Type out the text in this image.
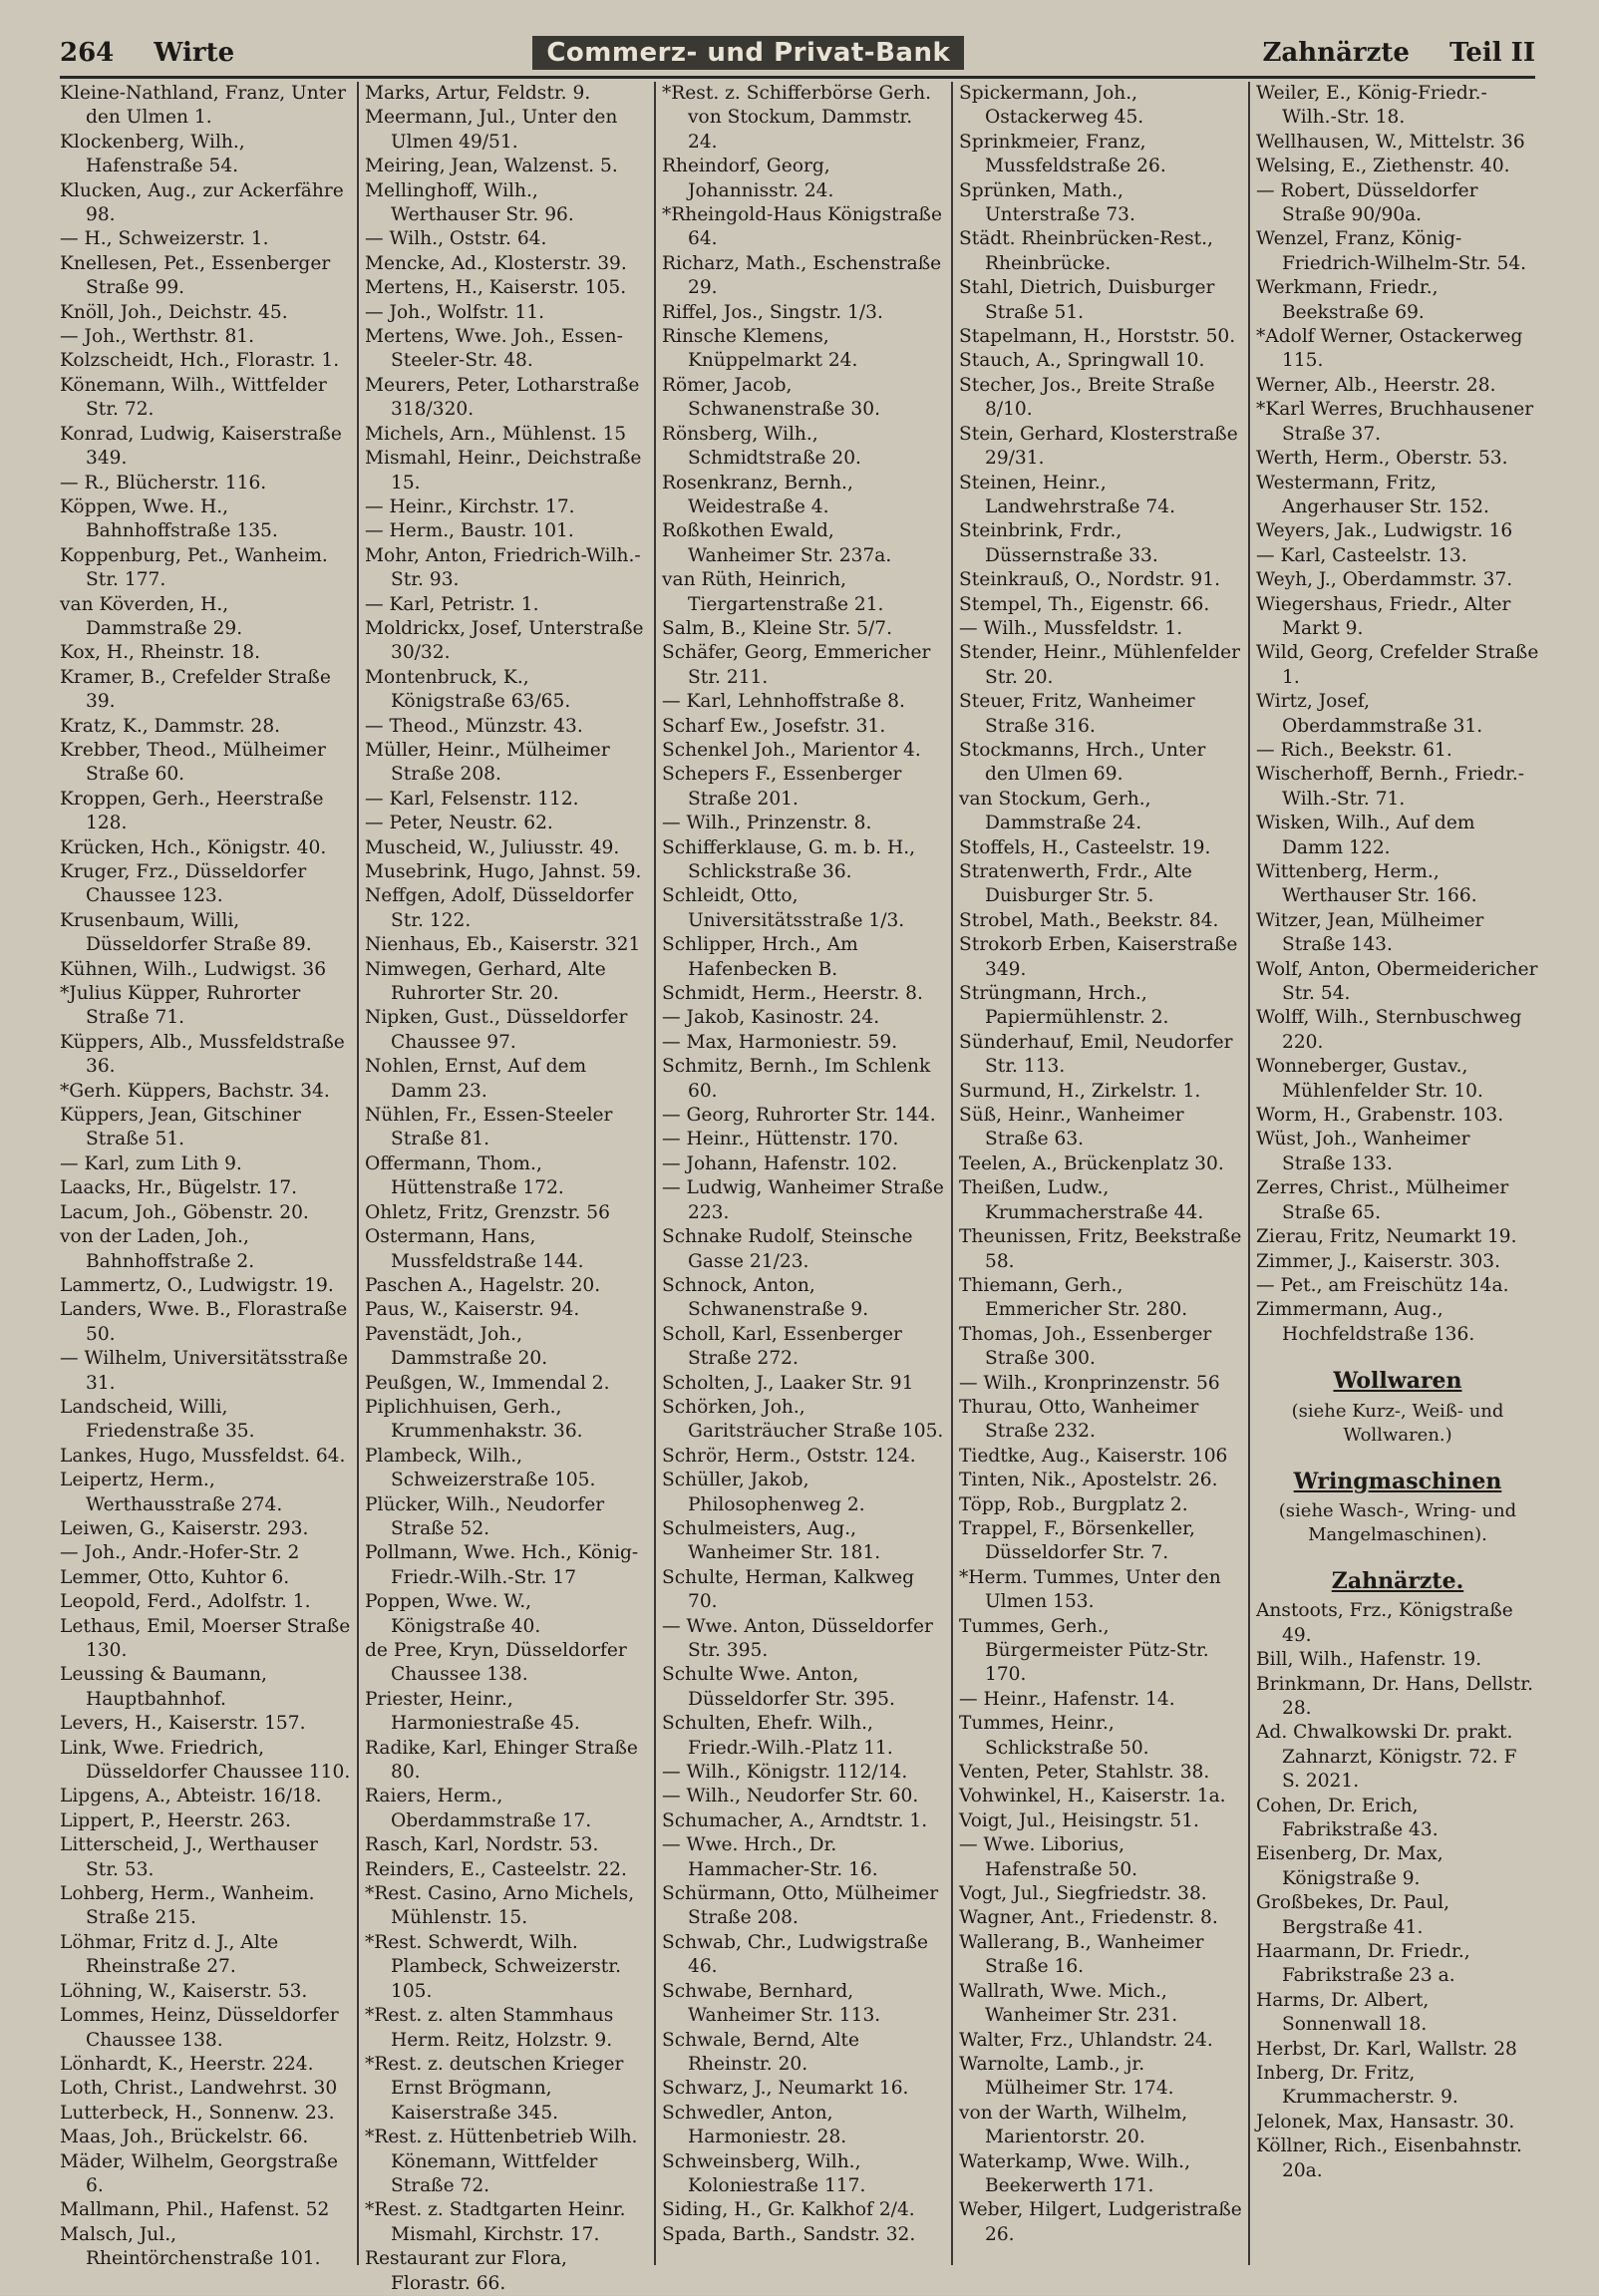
264 Wirte	Commerz- und Privat-Bank	Zahnärzte Teil II
Kleine-Nathland, Franz, Unter den Ulmen 1.
Klockenberg, Wilh., Hafenstraße 54.
Klucken, Aug., zur Ackerfähre 98.
— H., Schweizerstr. 1.
Knellesen, Pet., Essenberger Straße 99.
Knöll, Joh., Deichstr. 45.
— Joh., Werthstr. 81.
Kolzscheidt, Hch., Florastr. 1.
Könemann, Wilh., Wittfelder Str. 72.
Konrad, Ludwig, Kaiserstraße 349.
— R., Blücherstr. 116.
Köppen, Wwe. H., Bahnhoffstraße 135.
Koppenburg, Pet., Wanheim. Str. 177.
van Köverden, H., Dammstraße 29.
Kox, H., Rheinstr. 18.
Kramer, B., Crefelder Straße 39.
Kratz, K., Dammstr. 28.
Krebber, Theod., Mülheimer Straße 60.
Kroppen, Gerh., Heerstraße 128.
Krücken, Hch., Königstr. 40.
Kruger, Frz., Düsseldorfer Chaussee 123.
Krusenbaum, Willi, Düsseldorfer Straße 89.
Kühnen, Wilh., Ludwigst. 36
*Julius Küpper, Ruhrorter Straße 71.
Küppers, Alb., Mussfeldstraße 36.
*Gerh. Küppers, Bachstr. 34.
Küppers, Jean, Gitschiner Straße 51.
— Karl, zum Lith 9.
Laacks, Hr., Bügelstr. 17.
Lacum, Joh., Göbenstr. 20.
von der Laden, Joh., Bahnhoffstraße 2.
Lammertz, O., Ludwigstr. 19.
Landers, Wwe. B., Florastraße 50.
— Wilhelm, Universitätsstraße 31.
Landscheid, Willi, Friedenstraße 35.
Lankes, Hugo, Mussfeldst. 64.
Leipertz, Herm., Werthausstraße 274.
Leiwen, G., Kaiserstr. 293.
— Joh., Andr.-Hofer-Str. 2
Lemmer, Otto, Kuhtor 6.
Leopold, Ferd., Adolfstr. 1.
Lethaus, Emil, Moerser Straße 130.
Leussing & Baumann, Hauptbahnhof.
Levers, H., Kaiserstr. 157.
Link, Wwe. Friedrich, Düsseldorfer Chaussee 110.
Lipgens, A., Abteistr. 16/18.
Lippert, P., Heerstr. 263.
Litterscheid, J., Werthauser Str. 53.
Lohberg, Herm., Wanheim. Straße 215.
Löhmar, Fritz d. J., Alte Rheinstraße 27.
Löhning, W., Kaiserstr. 53.
Lommes, Heinz, Düsseldorfer Chaussee 138.
Lönhardt, K., Heerstr. 224.
Loth, Christ., Landwehrst. 30
Lutterbeck, H., Sonnenw. 23.
Maas, Joh., Brückelstr. 66.
Mäder, Wilhelm, Georgstraße 6.
Mallmann, Phil., Hafenst. 52
Malsch, Jul., Rheintörchenstraße 101.
Marks, Artur, Feldstr. 9.
Meermann, Jul., Unter den Ulmen 49/51.
Meiring, Jean, Walzenst. 5.
Mellinghoff, Wilh., Werthauser Str. 96.
— Wilh., Oststr. 64.
Mencke, Ad., Klosterstr. 39.
Mertens, H., Kaiserstr. 105.
— Joh., Wolfstr. 11.
Mertens, Wwe. Joh., Essen-Steeler-Str. 48.
Meurers, Peter, Lotharstraße 318/320.
Michels, Arn., Mühlenst. 15
Mismahl, Heinr., Deichstraße 15.
— Heinr., Kirchstr. 17.
— Herm., Baustr. 101.
Mohr, Anton, Friedrich-Wilh.-Str. 93.
— Karl, Petristr. 1.
Moldrickx, Josef, Unterstraße 30/32.
Montenbruck, K., Königstraße 63/65.
— Theod., Münzstr. 43.
Müller, Heinr., Mülheimer Straße 208.
— Karl, Felsenstr. 112.
— Peter, Neustr. 62.
Muscheid, W., Juliusstr. 49.
Musebrink, Hugo, Jahnst. 59.
Neffgen, Adolf, Düsseldorfer Str. 122.
Nienhaus, Eb., Kaiserstr. 321
Nimwegen, Gerhard, Alte Ruhrorter Str. 20.
Nipken, Gust., Düsseldorfer Chaussee 97.
Nohlen, Ernst, Auf dem Damm 23.
Nühlen, Fr., Essen-Steeler Straße 81.
Offermann, Thom., Hüttenstraße 172.
Ohletz, Fritz, Grenzstr. 56
Ostermann, Hans, Mussfeldstraße 144.
Paschen A., Hagelstr. 20.
Paus, W., Kaiserstr. 94.
Pavenstädt, Joh., Dammstraße 20.
Peußgen, W., Immendal 2.
Piplichhuisen, Gerh., Krummenhakstr. 36.
Plambeck, Wilh., Schweizerstraße 105.
Plücker, Wilh., Neudorfer Straße 52.
Pollmann, Wwe. Hch., König-Friedr.-Wilh.-Str. 17
Poppen, Wwe. W., Königstraße 40.
de Pree, Kryn, Düsseldorfer Chaussee 138.
Priester, Heinr., Harmoniestraße 45.
Radike, Karl, Ehinger Straße 80.
Raiers, Herm., Oberdammstraße 17.
Rasch, Karl, Nordstr. 53.
Reinders, E., Casteelstr. 22.
*Rest. Casino, Arno Michels, Mühlenstr. 15.
*Rest. Schwerdt, Wilh. Plambeck, Schweizerstr. 105.
*Rest. z. alten Stammhaus Herm. Reitz, Holzstr. 9.
*Rest. z. deutschen Krieger Ernst Brögmann, Kaiserstraße 345.
*Rest. z. Hüttenbetrieb Wilh. Könemann, Wittfelder Straße 72.
*Rest. z. Stadtgarten Heinr. Mismahl, Kirchstr. 17.
Restaurant zur Flora, Florastr. 66.
*Rest. z. Schifferbörse Gerh. von Stockum, Dammstr. 24.
Rheindorf, Georg, Johannisstr. 24.
*Rheingold-Haus Königstraße 64.
Richarz, Math., Eschenstraße 29.
Riffel, Jos., Singstr. 1/3.
Rinsche Klemens, Knüppelmarkt 24.
Römer, Jacob, Schwanenstraße 30.
Rönsberg, Wilh., Schmidtstraße 20.
Rosenkranz, Bernh., Weidestraße 4.
Roßkothen Ewald, Wanheimer Str. 237a.
van Rüth, Heinrich, Tiergartenstraße 21.
Salm, B., Kleine Str. 5/7.
Schäfer, Georg, Emmericher Str. 211.
— Karl, Lehnhoffstraße 8.
Scharf Ew., Josefstr. 31.
Schenkel Joh., Marientor 4.
Schepers F., Essenberger Straße 201.
— Wilh., Prinzenstr. 8.
Schifferklause, G. m. b. H., Schlickstraße 36.
Schleidt, Otto, Universitätsstraße 1/3.
Schlipper, Hrch., Am Hafenbecken B.
Schmidt, Herm., Heerstr. 8.
— Jakob, Kasinostr. 24.
— Max, Harmoniestr. 59.
Schmitz, Bernh., Im Schlenk 60.
— Georg, Ruhrorter Str. 144.
— Heinr., Hüttenstr. 170.
— Johann, Hafenstr. 102.
— Ludwig, Wanheimer Straße 223.
Schnake Rudolf, Steinsche Gasse 21/23.
Schnock, Anton, Schwanenstraße 9.
Scholl, Karl, Essenberger Straße 272.
Scholten, J., Laaker Str. 91
Schörken, Joh., Garitsträucher Straße 105.
Schrör, Herm., Oststr. 124.
Schüller, Jakob, Philosophenweg 2.
Schulmeisters, Aug., Wanheimer Str. 181.
Schulte, Herman, Kalkweg 70.
— Wwe. Anton, Düsseldorfer Str. 395.
Schulte Wwe. Anton, Düsseldorfer Str. 395.
Schulten, Ehefr. Wilh., Friedr.-Wilh.-Platz 11.
— Wilh., Königstr. 112/14.
— Wilh., Neudorfer Str. 60.
Schumacher, A., Arndtstr. 1.
— Wwe. Hrch., Dr. Hammacher-Str. 16.
Schürmann, Otto, Mülheimer Straße 208.
Schwab, Chr., Ludwigstraße 46.
Schwabe, Bernhard, Wanheimer Str. 113.
Schwale, Bernd, Alte Rheinstr. 20.
Schwarz, J., Neumarkt 16.
Schwedler, Anton, Harmoniestr. 28.
Schweinsberg, Wilh., Koloniestraße 117.
Siding, H., Gr. Kalkhof 2/4.
Spada, Barth., Sandstr. 32.
Spickermann, Joh., Ostackerweg 45.
Sprinkmeier, Franz, Mussfeldstraße 26.
Sprünken, Math., Unterstraße 73.
Städt. Rheinbrücken-Rest., Rheinbrücke.
Stahl, Dietrich, Duisburger Straße 51.
Stapelmann, H., Horststr. 50.
Stauch, A., Springwall 10.
Stecher, Jos., Breite Straße 8/10.
Stein, Gerhard, Klosterstraße 29/31.
Steinen, Heinr., Landwehrstraße 74.
Steinbrink, Frdr., Düssernstraße 33.
Steinkrauß, O., Nordstr. 91.
Stempel, Th., Eigenstr. 66.
— Wilh., Mussfeldstr. 1.
Stender, Heinr., Mühlenfelder Str. 20.
Steuer, Fritz, Wanheimer Straße 316.
Stockmanns, Hrch., Unter den Ulmen 69.
van Stockum, Gerh., Dammstraße 24.
Stoffels, H., Casteelstr. 19.
Stratenwerth, Frdr., Alte Duisburger Str. 5.
Strobel, Math., Beekstr. 84.
Strokorb Erben, Kaiserstraße 349.
Strüngmann, Hrch., Papiermühlenstr. 2.
Sünderhauf, Emil, Neudorfer Str. 113.
Surmund, H., Zirkelstr. 1.
Süß, Heinr., Wanheimer Straße 63.
Teelen, A., Brückenplatz 30.
Theißen, Ludw., Krummacherstraße 44.
Theunissen, Fritz, Beekstraße 58.
Thiemann, Gerh., Emmericher Str. 280.
Thomas, Joh., Essenberger Straße 300.
— Wilh., Kronprinzenstr. 56
Thurau, Otto, Wanheimer Straße 232.
Tiedtke, Aug., Kaiserstr. 106
Tinten, Nik., Apostelstr. 26.
Töpp, Rob., Burgplatz 2.
Trappel, F., Börsenkeller, Düsseldorfer Str. 7.
*Herm. Tummes, Unter den Ulmen 153.
Tummes, Gerh., Bürgermeister Pütz-Str. 170.
— Heinr., Hafenstr. 14.
Tummes, Heinr., Schlickstraße 50.
Venten, Peter, Stahlstr. 38.
Vohwinkel, H., Kaiserstr. 1a.
Voigt, Jul., Heisingstr. 51.
— Wwe. Liborius, Hafenstraße 50.
Vogt, Jul., Siegfriedstr. 38.
Wagner, Ant., Friedenstr. 8.
Wallerang, B., Wanheimer Straße 16.
Wallrath, Wwe. Mich., Wanheimer Str. 231.
Walter, Frz., Uhlandstr. 24.
Warnolte, Lamb., jr. Mülheimer Str. 174.
von der Warth, Wilhelm, Marientorstr. 20.
Waterkamp, Wwe. Wilh., Beekerwerth 171.
Weber, Hilgert, Ludgeristraße 26.
Weiler, E., König-Friedr.-Wilh.-Str. 18.
Wellhausen, W., Mittelstr. 36
Welsing, E., Ziethenstr. 40.
— Robert, Düsseldorfer Straße 90/90a.
Wenzel, Franz, König-Friedrich-Wilhelm-Str. 54.
Werkmann, Friedr., Beekstraße 69.
*Adolf Werner, Ostackerweg 115.
Werner, Alb., Heerstr. 28.
*Karl Werres, Bruchhausener Straße 37.
Werth, Herm., Oberstr. 53.
Westermann, Fritz, Angerhauser Str. 152.
Weyers, Jak., Ludwigstr. 16
— Karl, Casteelstr. 13.
Weyh, J., Oberdammstr. 37.
Wiegershaus, Friedr., Alter Markt 9.
Wild, Georg, Crefelder Straße 1.
Wirtz, Josef, Oberdammstraße 31.
— Rich., Beekstr. 61.
Wischerhoff, Bernh., Friedr.-Wilh.-Str. 71.
Wisken, Wilh., Auf dem Damm 122.
Wittenberg, Herm., Werthauser Str. 166.
Witzer, Jean, Mülheimer Straße 143.
Wolf, Anton, Obermeidericher Str. 54.
Wolff, Wilh., Sternbuschweg 220.
Wonneberger, Gustav., Mühlenfelder Str. 10.
Worm, H., Grabenstr. 103.
Wüst, Joh., Wanheimer Straße 133.
Zerres, Christ., Mülheimer Straße 65.
Zierau, Fritz, Neumarkt 19.
Zimmer, J., Kaiserstr. 303.
— Pet., am Freischütz 14a.
Zimmermann, Aug., Hochfeldstraße 136.
Wollwaren
(siehe Kurz-, Weiß- und Wollwaren.)
Wringmaschinen
(siehe Wasch-, Wring- und Mangelmaschinen).
Zahnärzte.
Anstoots, Frz., Königstraße 49.
Bill, Wilh., Hafenstr. 19.
Brinkmann, Dr. Hans, Dellstr. 28.
Ad. Chwalkowski Dr. prakt. Zahnarzt, Königstr. 72. F S. 2021.
Cohen, Dr. Erich, Fabrikstraße 43.
Eisenberg, Dr. Max, Königstraße 9.
Großbekes, Dr. Paul, Bergstraße 41.
Haarmann, Dr. Friedr., Fabrikstraße 23 a.
Harms, Dr. Albert, Sonnenwall 18.
Herbst, Dr. Karl, Wallstr. 28
Inberg, Dr. Fritz, Krummacherstr. 9.
Jelonek, Max, Hansastr. 30.
Köllner, Rich., Eisenbahnstr. 20a.
